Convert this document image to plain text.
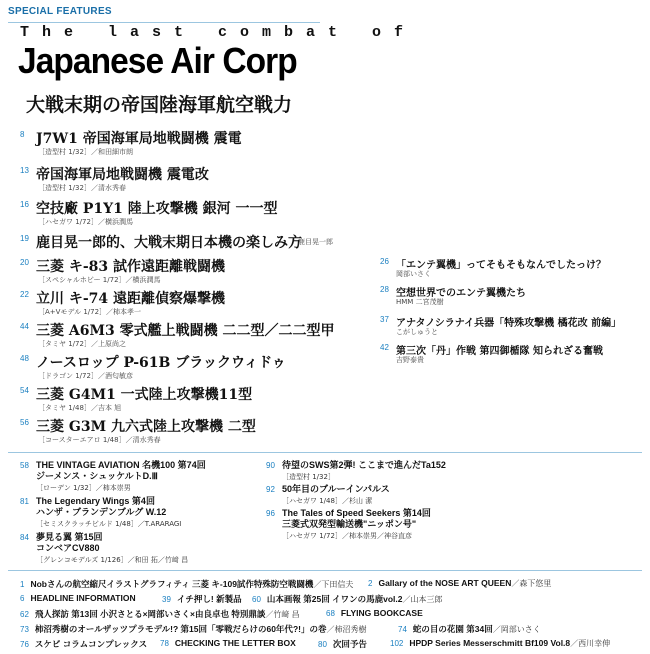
SPECIAL FEATURES
The last combat of
Japanese Air Corp
大戦末期の帝国陸海軍航空戦力
8 J7W1 帝国海軍局地戦闘機 震電
［造型村 1/32］／和田細市朗
13 帝国海軍局地戦闘機 震電改
［造型村 1/32］／清水秀春
16 空技廠 P1Y1 陸上攻撃機 銀河 一一型
［ハセガワ 1/72］／横浜潤馬
19 鹿目晃一郎的、大戦末期日本機の楽しみ方
鹿目晃一郎
20 三菱 キ-83 試作遠距離戦闘機
［スペシャルホビー 1/72］／横浜潤馬
22 立川 キ-74 遠距離偵察爆撃機
［A+Vモデル 1/72］／柿本孝一
44 三菱 A6M3 零式艦上戦闘機 二二型／二二型甲
［タミヤ 1/72］／上原尚之
48 ノースロップ P-61B ブラックウィドゥ
［ドラゴン 1/72］／酒匂敏彦
54 三菱 G4M1 一式陸上攻撃機11型
［タミヤ 1/48］／吉本 旭
56 三菱 G3M 九六式陸上攻撃機 二型
［コースターエアロ 1/48］／清水秀春
26 「エンテ翼機」ってそもそもなんでしたっけ？
岡部いさく
28 空想世界でのエンテ翼機たち
HMM 二宮茂樹
37 アナタノシラナイ兵器「特殊攻撃機 橘花改 前編」
こがしゅうと
42 第三次「丹」作戦 第四御楯隊 知られざる奮戦
吉野泰貴
58 THE VINTAGE AVIATION 名機100 第74回
ジーメンス・シュッケルトD.Ⅲ
［ローデン 1/32］／柿本崇男
81 The Legendary Wings 第4回
ハンザ・ブランデンブルグ W.12
［セミスクラッチビルド 1/48］／T.ARARAGI
84 夢見る翼 第15回
コンベアCV880
［グレンコモデルズ 1/126］／和田 拓／竹﨑 昌
90 待望のSWS第2弾! ここまで進んだTa152
［造型村 1/32］
92 50年目のブルーインパルス
［ハセガワ 1/48］／杉山 潔
96 The Tales of Speed Seekers 第14回
三菱式双発型輸送機"ニッポン号"
［ハセガワ 1/72］／柿本崇男／神谷直彦
1 Nobさんの航空縮尺イラストグラフィティ 三菱 キ-109試作特殊防空戦闘機／下田信夫 2 Gallary of the NOSE ART QUEEN／森下悠里
6 HEADLINE INFORMATION	39 イチ押し! 新製品 60 山本画報 第25回 イワンの馬鹿vol.2／山本三郎
62 飛人探訪 第13回 小沢さとる×岡部いさく×由良卓也 特別鼎談／竹﨑 昌	68 FLYING BOOKCASE
73 柿沼秀樹のオールザッツプラモデル!? 第15回「零戦だらけの60年代?!」の巻／柿沼秀樹	74 蛇の目の花園 第34回／岡部いさく
76 スケビ コラムコンプレックス 78 CHECKING THE LETTER BOX	80 次回予告	102 HPDP Series Messerschmitt Bf109 Vol.8／西川幸伸
